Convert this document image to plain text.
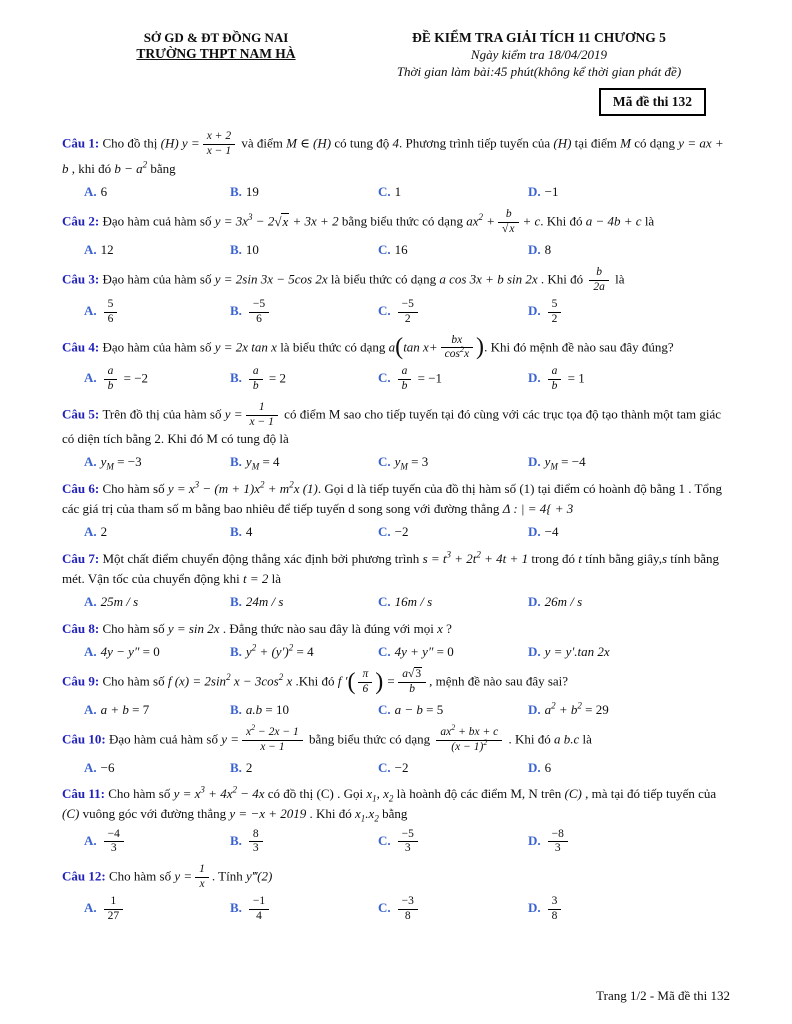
SỞ GD & ĐT ĐỒNG NAI
TRƯỜNG THPT NAM HÀ
ĐỀ KIỂM TRA GIẢI TÍCH 11 CHƯƠNG 5
Ngày kiểm tra 18/04/2019
Thời gian làm bài:45 phút(không kể thời gian phát đề)
Mã đề thi 132
Câu 1: Cho đồ thị (H) $y = \frac{x + 2}{x - 1}$ và điểm M ∈ (H) có tung độ 4. Phương trình tiếp tuyến của (H) tại điểm M có dạng y = ax + b , khi đó $b - a^2$ bằng
A. 6	B. 19	C. 1	D. −1
Câu 2: Đạo hàm cuả hàm số $y = 3x^3 - 2√x + 3x + 2$ bằng biểu thức có dạng $ax^2 + \frac{b}{√x} + c$. Khi đó a − 4b + c là
A. 12	B. 10	C. 16	D. 8
Câu 3: Đạo hàm của hàm số y = 2sin 3x − 5cos 2x là biểu thức có dạng a cos 3x + b sin 2x . Khi đó $\frac{b}{2a}$ là
A. $\frac{5}{6}$	B. $\frac{-5}{6}$	C. $\frac{-5}{2}$	D. $\frac{5}{2}$
Câu 4: Đạo hàm của hàm số y = 2x tan x là biểu thức có dạng a(tan $x+ \frac{bx}{\cos^2x}$ ). Khi đó mệnh đề nào sau đây đúng?
A. $\frac{a}{b} = -2$	B. $\frac{a}{b} = 2$	C. $\frac{a}{b} = -1$	D. $\frac{a}{b} = 1$
Câu 5: Trên đồ thị của hàm số $y = \frac{1}{x - 1}$ có điểm M sao cho tiếp tuyến tại đó cùng với các trục tọa độ tạo thành một tam giác có diện tích bằng 2. Khi đó M có tung độ là
A. $y_M = -3$	B. $y_M = 4$	C. $y_M = 3$	D. $y_M = -4$
Câu 6: Cho hàm số $y = x^3 - (m + 1)x^2 + m^2x$ (1). Gọi d là tiếp tuyến của đồ thị hàm số (1) tại điểm có hoành độ bằng 1 . Tổng các giá trị của tham số m bằng bao nhiêu để tiếp tuyến d song song với đường thẳng Δ : | = 4{ + 3
A. 2	B. 4	C. −2	D. −4
Câu 7: Một chất điểm chuyển động thẳng xác định bởi phương trình $s = t^3 + 2t^2 + 4t + 1$ trong đó t tính bằng giây,s tính bằng mét. Vận tốc của chuyển động khi t = 2 là
A. 25m / s	B. 24m / s	C. 16m / s	D. 26m / s
Câu 8: Cho hàm số y = sin 2x . Đẳng thức nào sau đây là đúng với mọi x ?
A. 4y − y″ = 0	B. $y^2 + (y')^2 = 4$	C. 4y + y″ = 0	D. y = y′.tan 2x
Câu 9: Cho hàm số f $(x) = 2\sin^2$ $x - 3\cos^2$ x .Khi đó f ′( $\frac{\pi}{6}$ ) = $\frac{a√3}{b}$ , mệnh đề nào sau đây sai?
A. a + b = 7	B. a.b = 10	C. a − b = 5	D. $a^2 + b^2 = 29$
Câu 10: Đạo hàm cuả hàm số $y = \frac{x^2 - 2x - 1}{x - 1}$ bằng biểu thức có dạng $\frac{ax^2 + bx + c}{(x - 1)^2}$ . Khi đó a b.c là
A. −6	B. 2	C. −2	D. 6
Câu 11: Cho hàm số $y = x^3 + 4x^2 - 4x$ có đồ thị (C) . Gọi $x_1$, $x_2$ là hoành độ các điểm M, N trên (C) , mà tại đó tiếp tuyến của (C) vuông góc với đường thẳng y = −x + 2019 . Khi đó $x_1.x_2$ bằng
A. $\frac{-4}{3}$	B. $\frac{8}{3}$	C. $\frac{-5}{3}$	D. $\frac{-8}{3}$
Câu 12: Cho hàm số $y = \frac{1}{x}$ . Tính y‴(2)
A. $\frac{1}{27}$	B. $\frac{-1}{4}$	C. $\frac{-3}{8}$	D. $\frac{3}{8}$
Trang 1/2 - Mã đề thi 132
